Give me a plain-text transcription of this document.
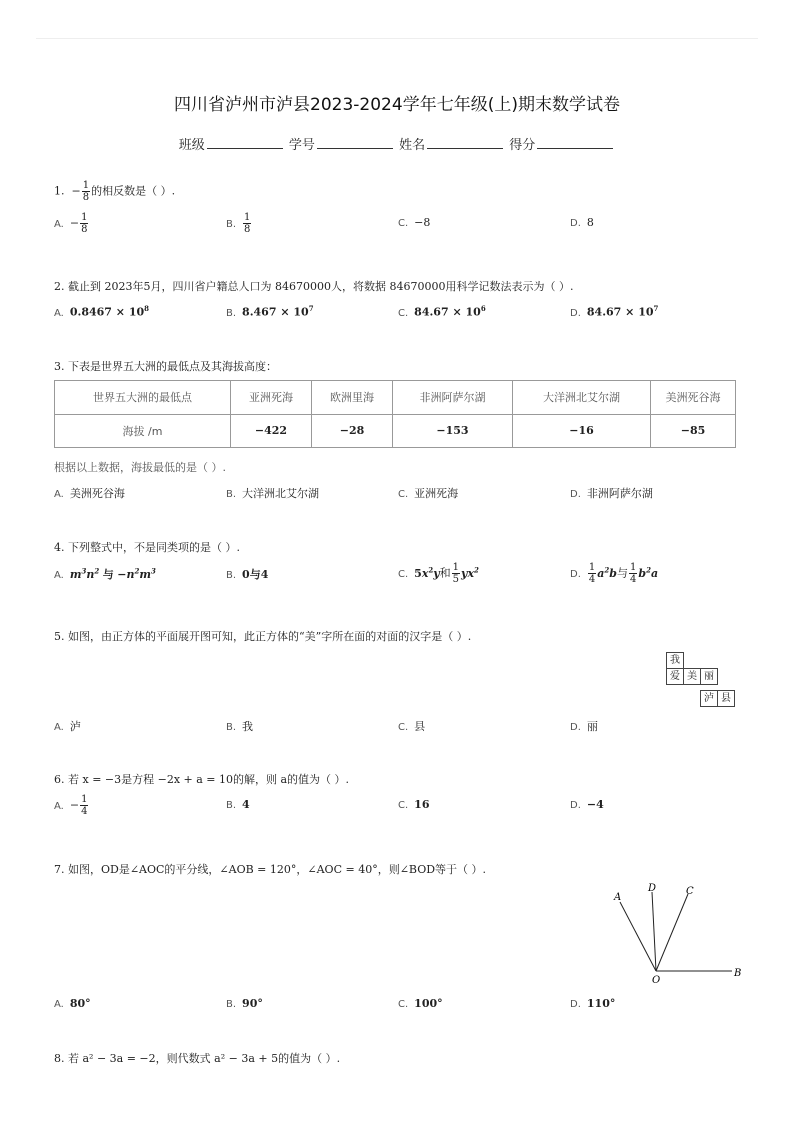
四川省泸州市泸县2023-2024学年七年级(上)期末数学试卷
班级	学号	姓名	得分
1.  − $\frac{1}{8}$ 的相反数是（ ）.
A. − $\frac{1}{8}$	B. $\frac{1}{8}$	C. −8	D. 8
2. 截止到 2023年5月，四川省户籍总人口为 84670000人，将数据 84670000用科学记数法表示为（ ）.
A. $0.8467 \times 10^8$	B. $8.467 \times 10^7$	C. $84.67 \times 10^6$	D. $84.67 \times 10^7$
3. 下表是世界五大洲的最低点及其海拔高度：
世界五大洲的最低点	亚洲死海	欧洲里海	非洲阿萨尔湖	大洋洲北艾尔湖	美洲死谷海
海拔 /m	−422	−28	−153	−16	−85
根据以上数据，海拔最低的是（ ）.
A. 美洲死谷海	B. 大洋洲北艾尔湖	C. 亚洲死海	D. 非洲阿萨尔湖
4. 下列整式中，不是同类项的是（ ）.
A. $m^3n^2$ 与 $-n^2m^3$	B. 0与4	C. $5x^2y$和 $\frac{1}{5} yx^2$	D. $\frac{1}{4} a^2b$与 $\frac{1}{4} b^2a$
5. 如图，由正方体的平面展开图可知，此正方体的“美”字所在面的对面的汉字是（ ）.
我
爱 美 丽
泸 县
A. 泸	B. 我	C. 县	D. 丽
6. 若 x = −3是方程 −2x + a = 10的解，则 a的值为（ ）.
A. − $\frac{1}{4}$	B. 4	C. 16	D. −4
7. 如图，OD是∠AOC的平分线，∠AOB = 120°，∠AOC = 40°，则∠BOD等于（ ）.
A
D	C
O
B
A. 80°	B. 90°	C. 100°	D. 110°
8. 若 a² − 3a = −2，则代数式 a² − 3a + 5的值为（ ）.
